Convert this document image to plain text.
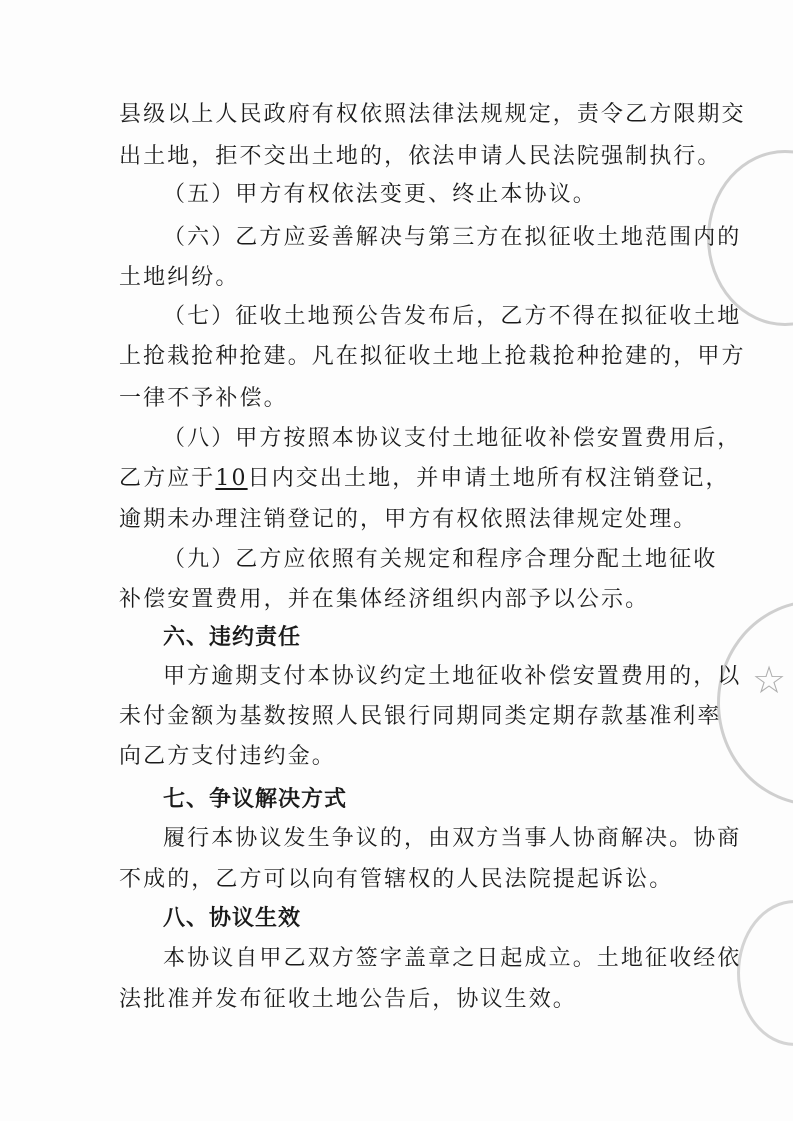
☆
县级以上人民政府有权依照法律法规规定，责令乙方限期交
出土地，拒不交出土地的，依法申请人民法院强制执行。
（五）甲方有权依法变更、终止本协议。
（六）乙方应妥善解决与第三方在拟征收土地范围内的
土地纠纷。
（七）征收土地预公告发布后，乙方不得在拟征收土地
上抢栽抢种抢建。凡在拟征收土地上抢栽抢种抢建的，甲方
一律不予补偿。
（八）甲方按照本协议支付土地征收补偿安置费用后，
乙方应于10日内交出土地，并申请土地所有权注销登记，
逾期未办理注销登记的，甲方有权依照法律规定处理。
（九）乙方应依照有关规定和程序合理分配土地征收
补偿安置费用，并在集体经济组织内部予以公示。
六、违约责任
甲方逾期支付本协议约定土地征收补偿安置费用的，以
未付金额为基数按照人民银行同期同类定期存款基准利率
向乙方支付违约金。
七、争议解决方式
履行本协议发生争议的，由双方当事人协商解决。协商
不成的，乙方可以向有管辖权的人民法院提起诉讼。
八、协议生效
本协议自甲乙双方签字盖章之日起成立。土地征收经依
法批准并发布征收土地公告后，协议生效。
